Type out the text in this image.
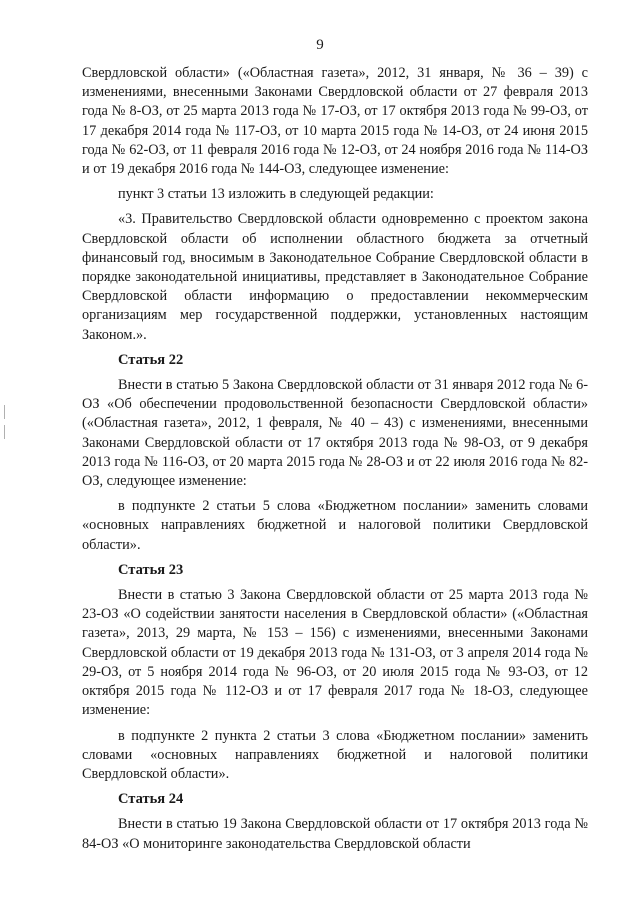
9

Свердловской области» («Областная газета», 2012, 31 января, № 36 – 39) с изменениями, внесенными Законами Свердловской области от 27 февраля 2013 года № 8-ОЗ, от 25 марта 2013 года № 17-ОЗ, от 17 октября 2013 года № 99-ОЗ, от 17 декабря 2014 года № 117-ОЗ, от 10 марта 2015 года № 14-ОЗ, от 24 июня 2015 года № 62-ОЗ, от 11 февраля 2016 года № 12-ОЗ, от 24 ноября 2016 года № 114-ОЗ и от 19 декабря 2016 года № 144-ОЗ, следующее изменение:

пункт 3 статьи 13 изложить в следующей редакции:

«3. Правительство Свердловской области одновременно с проектом закона Свердловской области об исполнении областного бюджета за отчетный финансовый год, вносимым в Законодательное Собрание Свердловской области в порядке законодательной инициативы, представляет в Законодательное Собрание Свердловской области информацию о предоставлении некоммерческим организациям мер государственной поддержки, установленных настоящим Законом.».

Статья 22

Внести в статью 5 Закона Свердловской области от 31 января 2012 года № 6-ОЗ «Об обеспечении продовольственной безопасности Свердловской области» («Областная газета», 2012, 1 февраля, № 40 – 43) с изменениями, внесенными Законами Свердловской области от 17 октября 2013 года № 98-ОЗ, от 9 декабря 2013 года № 116-ОЗ, от 20 марта 2015 года № 28-ОЗ и от 22 июля 2016 года № 82-ОЗ, следующее изменение:

в подпункте 2 статьи 5 слова «Бюджетном послании» заменить словами «основных направлениях бюджетной и налоговой политики Свердловской области».

Статья 23

Внести в статью 3 Закона Свердловской области от 25 марта 2013 года № 23-ОЗ «О содействии занятости населения в Свердловской области» («Областная газета», 2013, 29 марта, № 153 – 156) с изменениями, внесенными Законами Свердловской области от 19 декабря 2013 года № 131-ОЗ, от 3 апреля 2014 года № 29-ОЗ, от 5 ноября 2014 года № 96-ОЗ, от 20 июля 2015 года № 93-ОЗ, от 12 октября 2015 года № 112-ОЗ и от 17 февраля 2017 года № 18-ОЗ, следующее изменение:

в подпункте 2 пункта 2 статьи 3 слова «Бюджетном послании» заменить словами «основных направлениях бюджетной и налоговой политики Свердловской области».

Статья 24

Внести в статью 19 Закона Свердловской области от 17 октября 2013 года № 84-ОЗ «О мониторинге законодательства Свердловской области
